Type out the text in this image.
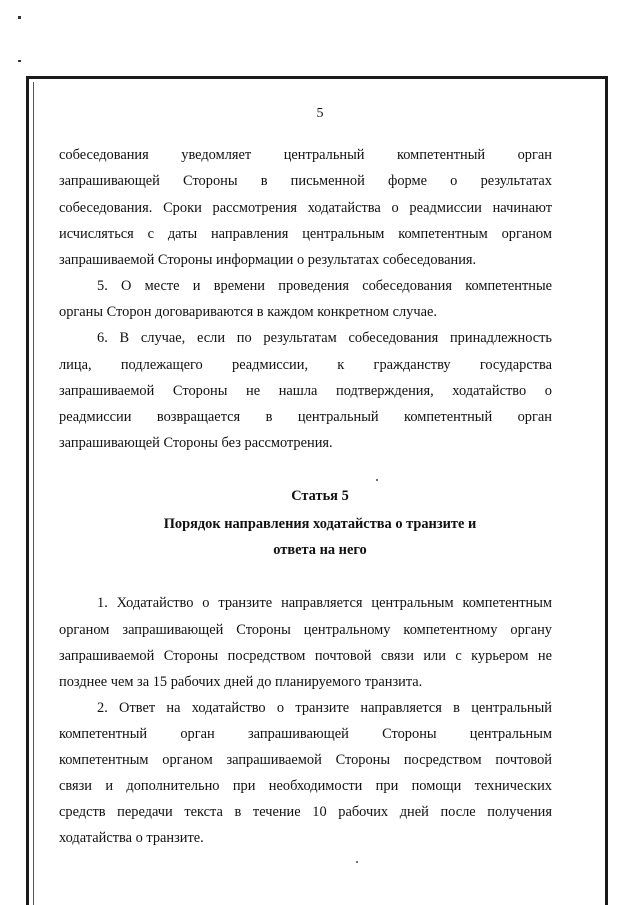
5
собеседования уведомляет центральный компетентный орган
запрашивающей Стороны в письменной форме о результатах
собеседования. Сроки рассмотрения ходатайства о реадмиссии начинают
исчисляться с даты направления центральным компетентным органом
запрашиваемой Стороны информации о результатах собеседования.
5. О месте и времени проведения собеседования компетентные
органы Сторон договариваются в каждом конкретном случае.
6. В случае, если по результатам собеседования принадлежность
лица, подлежащего реадмиссии, к гражданству государства
запрашиваемой Стороны не нашла подтверждения, ходатайство о
реадмиссии возвращается в центральный компетентный орган
запрашивающей Стороны без рассмотрения.
Статья 5
Порядок направления ходатайства о транзите и
ответа на него
1. Ходатайство о транзите направляется центральным компетентным
органом запрашивающей Стороны центральному компетентному органу
запрашиваемой Стороны посредством почтовой связи или с курьером не
позднее чем за 15 рабочих дней до планируемого транзита.
2. Ответ на ходатайство о транзите направляется в центральный
компетентный орган запрашивающей Стороны центральным
компетентным органом запрашиваемой Стороны посредством почтовой
связи и дополнительно при необходимости при помощи технических
средств передачи текста в течение 10 рабочих дней после получения
ходатайства о транзите.
